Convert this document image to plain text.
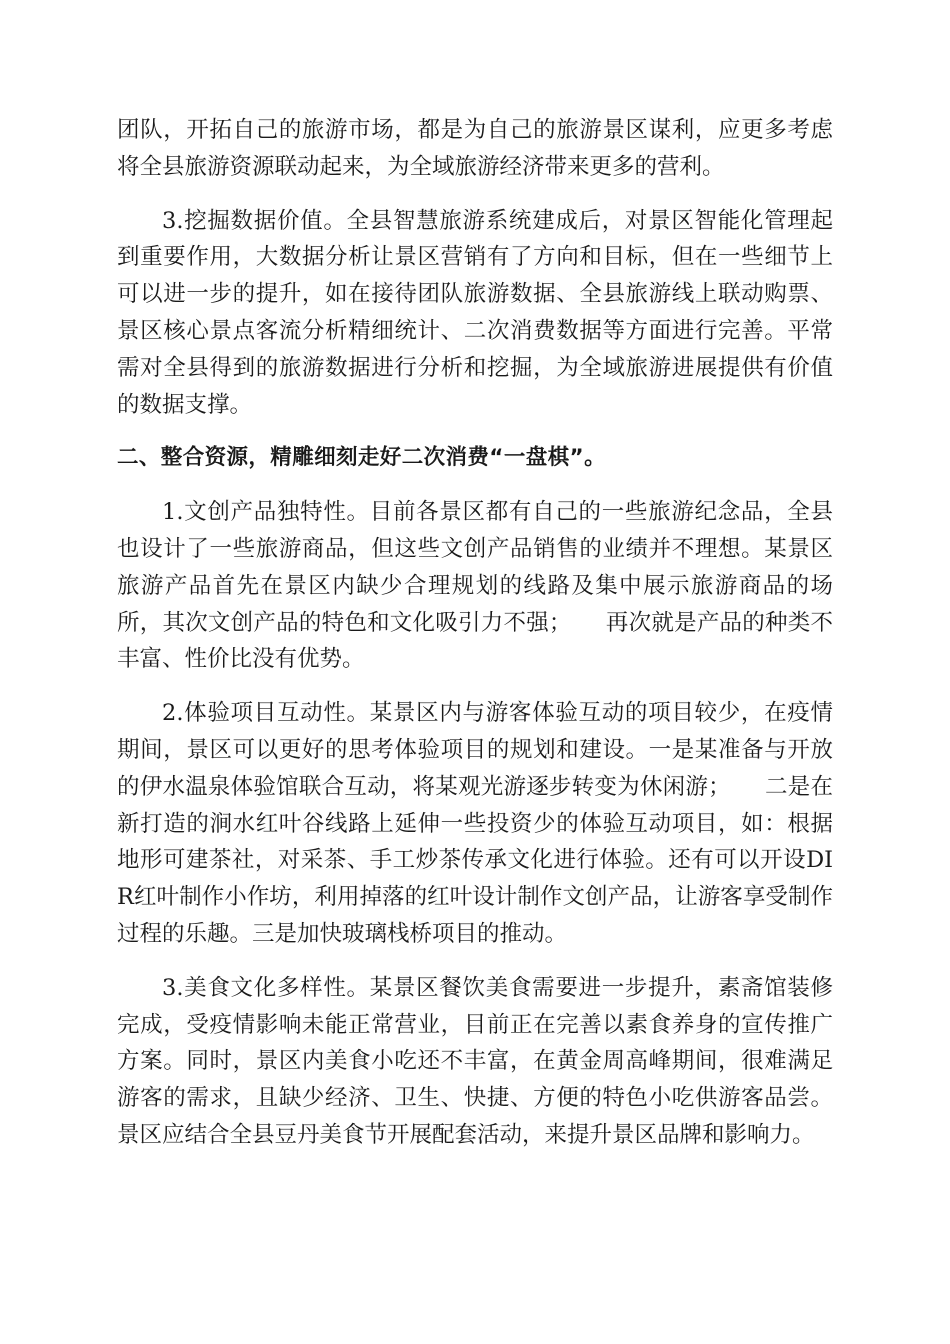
团队，开拓自己的旅游市场，都是为自己的旅游景区谋利，应更多考虑将全县旅游资源联动起来，为全域旅游经济带来更多的营利。

3.挖掘数据价值。全县智慧旅游系统建成后，对景区智能化管理起到重要作用，大数据分析让景区营销有了方向和目标，但在一些细节上可以进一步的提升，如在接待团队旅游数据、全县旅游线上联动购票、景区核心景点客流分析精细统计、二次消费数据等方面进行完善。平常需对全县得到的旅游数据进行分析和挖掘，为全域旅游进展提供有价值的数据支撑。

二、整合资源，精雕细刻走好二次消费“一盘棋”。

1.文创产品独特性。目前各景区都有自己的一些旅游纪念品，全县也设计了一些旅游商品，但这些文创产品销售的业绩并不理想。某景区旅游产品首先在景区内缺少合理规划的线路及集中展示旅游商品的场所，其次文创产品的特色和文化吸引力不强；　　再次就是产品的种类不丰富、性价比没有优势。

2.体验项目互动性。某景区内与游客体验互动的项目较少，在疫情期间，景区可以更好的思考体验项目的规划和建设。一是某准备与开放的伊水温泉体验馆联合互动，将某观光游逐步转变为休闲游；　　二是在新打造的涧水红叶谷线路上延伸一些投资少的体验互动项目，如：根据地形可建茶社，对采茶、手工炒茶传承文化进行体验。还有可以开设DIR红叶制作小作坊，利用掉落的红叶设计制作文创产品，让游客享受制作过程的乐趣。三是加快玻璃栈桥项目的推动。

3.美食文化多样性。某景区餐饮美食需要进一步提升，素斋馆装修完成，受疫情影响未能正常营业，目前正在完善以素食养身的宣传推广方案。同时，景区内美食小吃还不丰富，在黄金周高峰期间，很难满足游客的需求，且缺少经济、卫生、快捷、方便的特色小吃供游客品尝。景区应结合全县豆丹美食节开展配套活动，来提升景区品牌和影响力。
